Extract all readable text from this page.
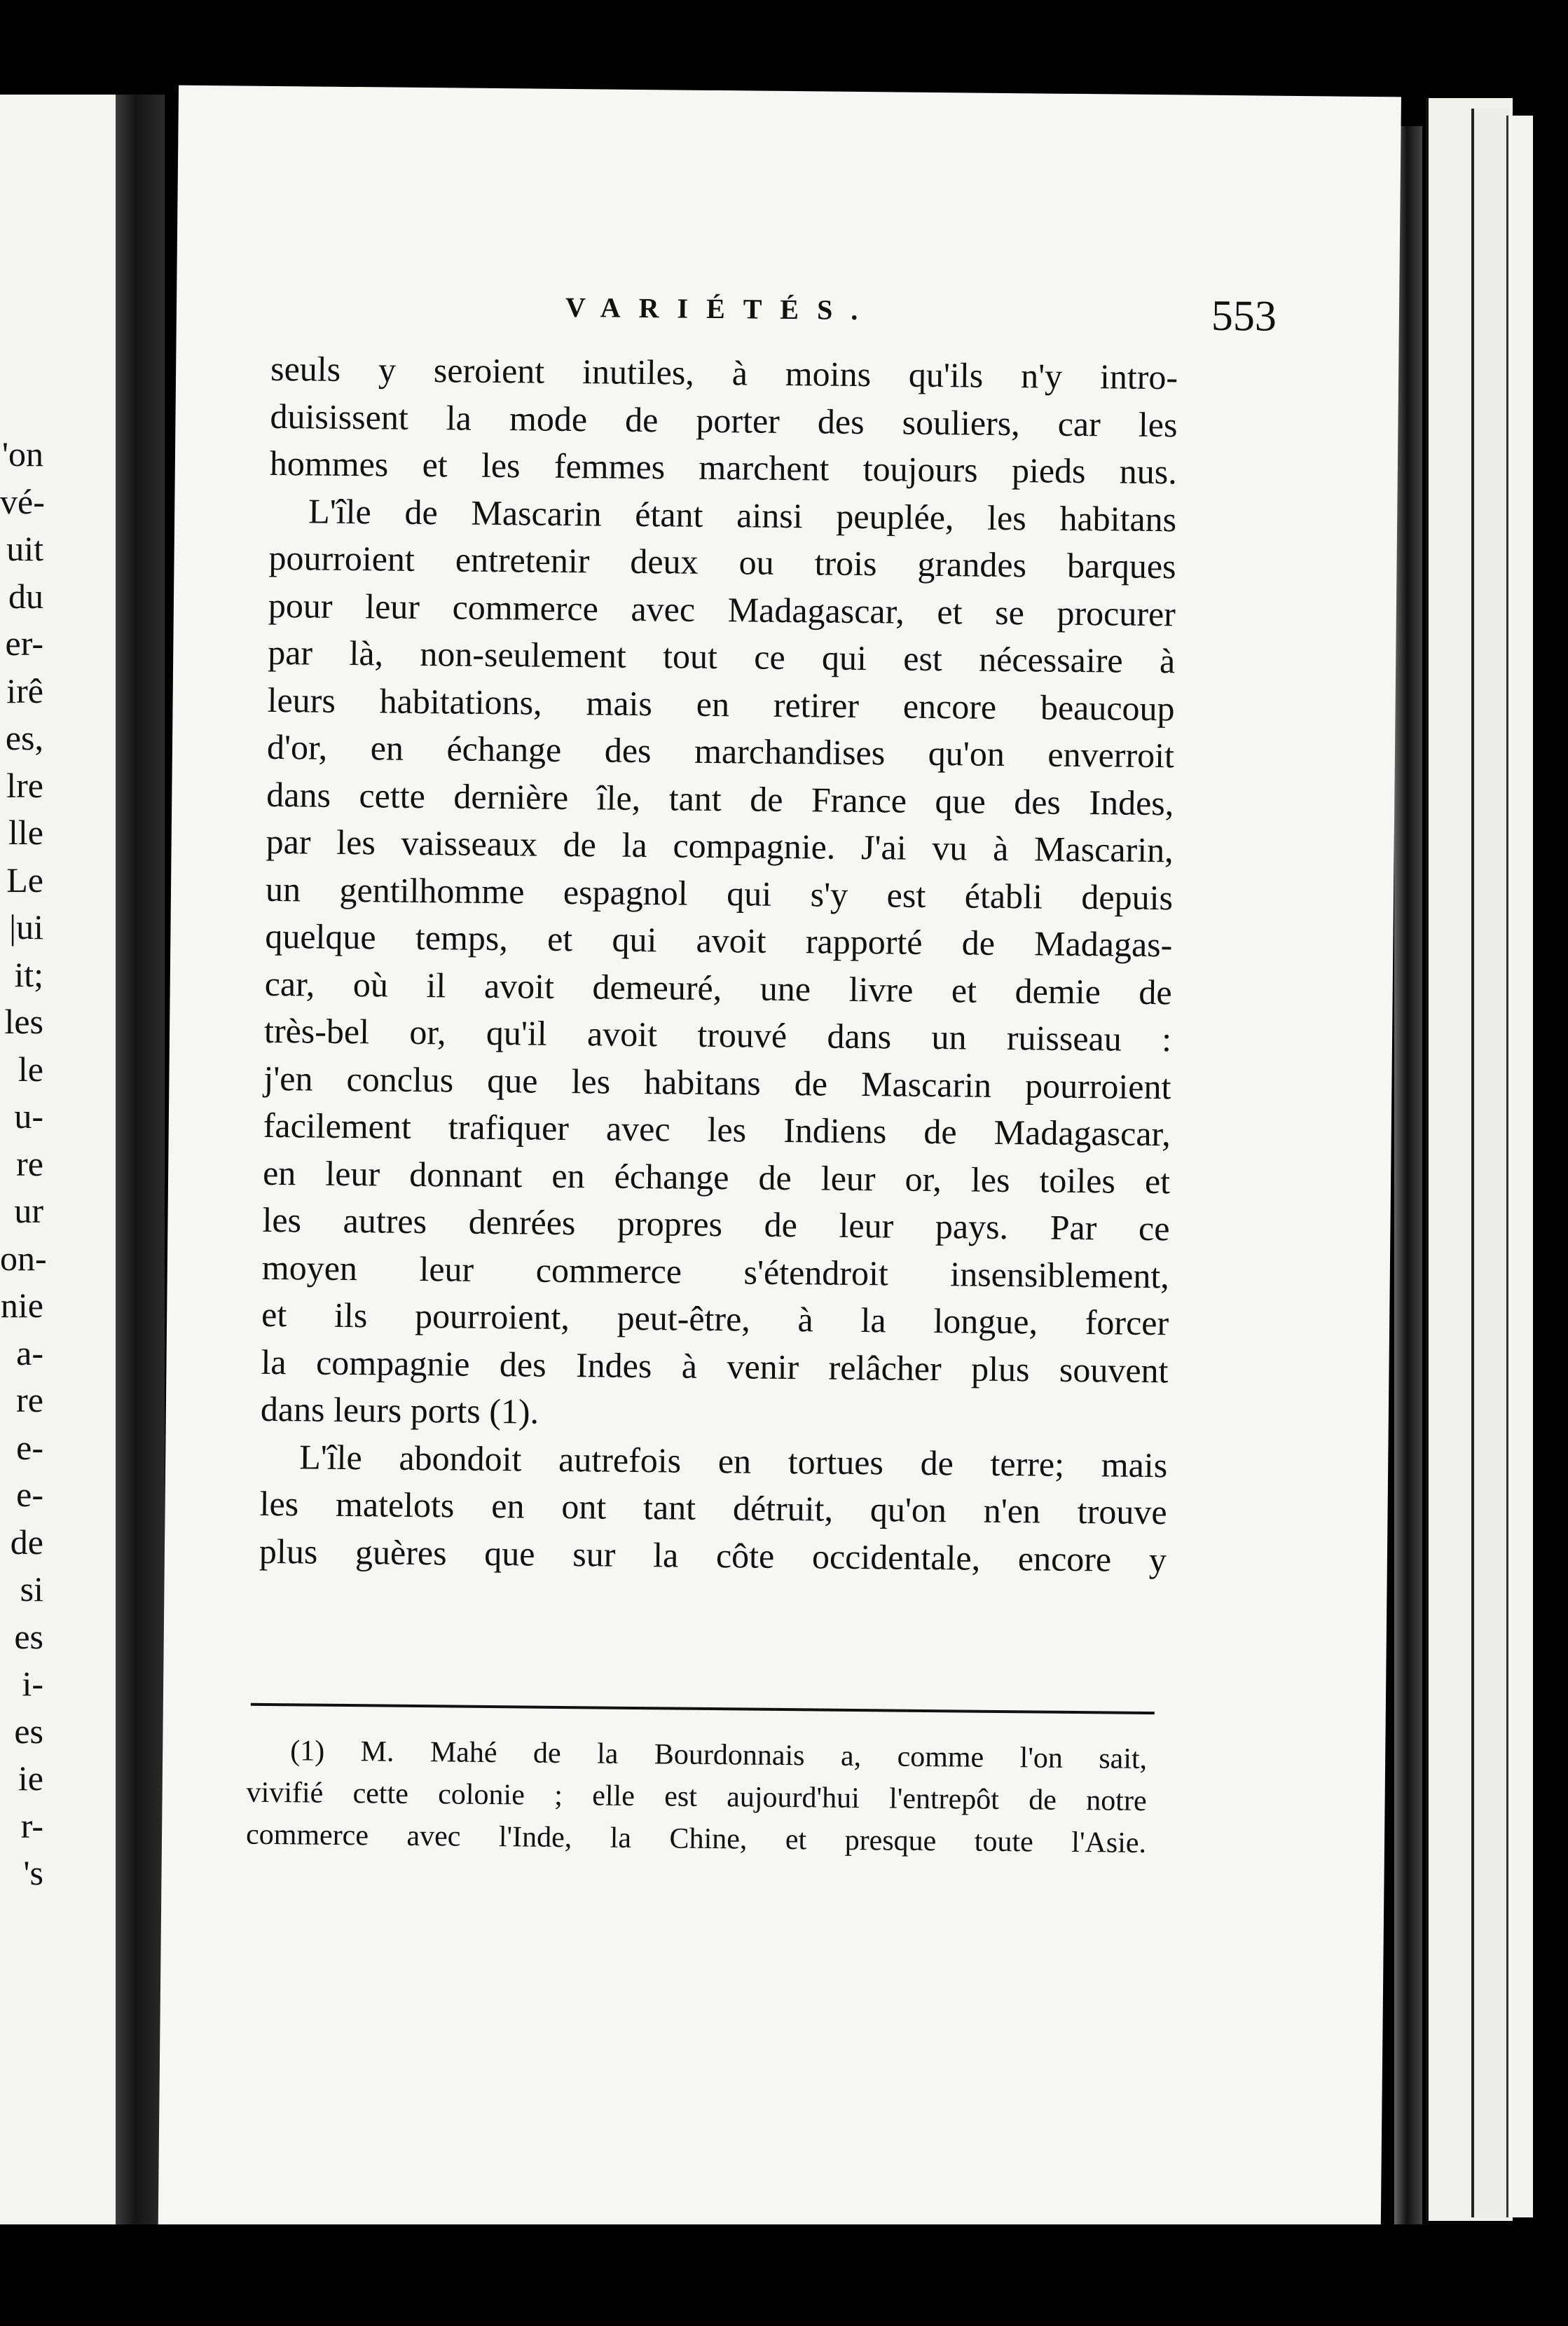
'on
vé-
uit
du
er-
irê
es,
lre
lle
Le
|ui
it;
les
le
u-
re
ur
on-
nie
a-
re
e-
e-
de
si
es
i-
es
ie
r-
's
VARIÉTÉS.	553
seuls y seroient inutiles, à moins qu'ils n'y intro-
duisissent la mode de porter des souliers, car les
hommes et les femmes marchent toujours pieds nus.
L'île de Mascarin étant ainsi peuplée, les habitans
pourroient entretenir deux ou trois grandes barques
pour leur commerce avec Madagascar, et se procurer
par là, non-seulement tout ce qui est nécessaire à
leurs habitations, mais en retirer encore beaucoup
d'or, en échange des marchandises qu'on enverroit
dans cette dernière île, tant de France que des Indes,
par les vaisseaux de la compagnie. J'ai vu à Mascarin,
un gentilhomme espagnol qui s'y est établi depuis
quelque temps, et qui avoit rapporté de Madagas-
car, où il avoit demeuré, une livre et demie de
très-bel or, qu'il avoit trouvé dans un ruisseau :
j'en conclus que les habitans de Mascarin pourroient
facilement trafiquer avec les Indiens de Madagascar,
en leur donnant en échange de leur or, les toiles et
les autres denrées propres de leur pays. Par ce
moyen leur commerce s'étendroit insensiblement,
et ils pourroient, peut-être, à la longue, forcer
la compagnie des Indes à venir relâcher plus souvent
dans leurs ports (1).
L'île abondoit autrefois en tortues de terre; mais
les matelots en ont tant détruit, qu'on n'en trouve
plus guères que sur la côte occidentale, encore y
(1) M. Mahé de la Bourdonnais a, comme l'on sait,
vivifié cette colonie ; elle est aujourd'hui l'entrepôt de notre
commerce avec l'Inde, la Chine, et presque toute l'Asie.
